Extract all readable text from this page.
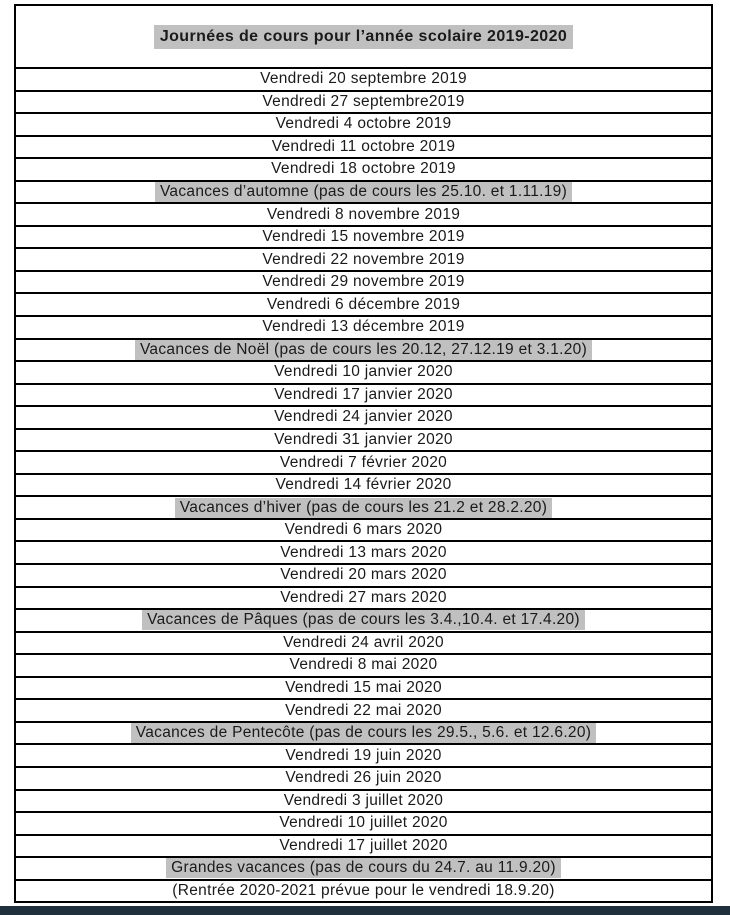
Journées de cours pour l’année scolaire 2019-2020
Vendredi 20 septembre 2019
Vendredi 27 septembre2019
Vendredi 4 octobre 2019
Vendredi 11 octobre 2019
Vendredi 18 octobre 2019
Vacances d’automne (pas de cours les 25.10. et 1.11.19)
Vendredi 8 novembre 2019
Vendredi 15 novembre 2019
Vendredi 22 novembre 2019
Vendredi 29 novembre 2019
Vendredi 6 décembre 2019
Vendredi 13 décembre 2019
Vacances de Noël (pas de cours les 20.12, 27.12.19 et 3.1.20)
Vendredi 10 janvier 2020
Vendredi 17 janvier 2020
Vendredi 24 janvier 2020
Vendredi 31 janvier 2020
Vendredi 7 février 2020
Vendredi 14 février 2020
Vacances d’hiver (pas de cours les 21.2 et 28.2.20)
Vendredi 6 mars 2020
Vendredi 13 mars 2020
Vendredi 20 mars 2020
Vendredi 27 mars 2020
Vacances de Pâques (pas de cours les 3.4.,10.4. et 17.4.20)
Vendredi 24 avril 2020
Vendredi 8 mai 2020
Vendredi 15 mai 2020
Vendredi 22 mai 2020
Vacances de Pentecôte (pas de cours les 29.5., 5.6. et 12.6.20)
Vendredi 19 juin 2020
Vendredi 26 juin 2020
Vendredi 3 juillet 2020
Vendredi 10 juillet 2020
Vendredi 17 juillet 2020
Grandes vacances (pas de cours du 24.7. au 11.9.20)
(Rentrée 2020-2021 prévue pour le vendredi 18.9.20)
